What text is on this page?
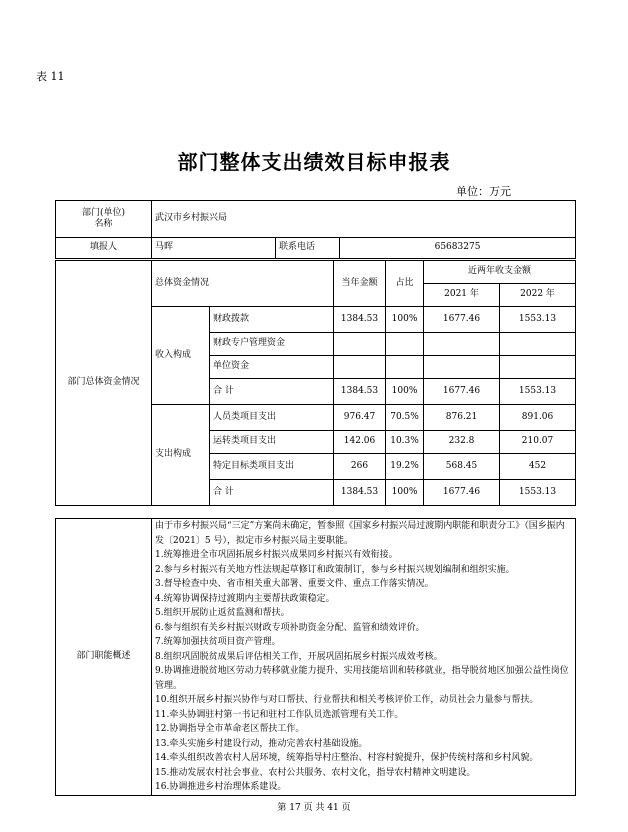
表 11
部门整体支出绩效目标申报表
单位：万元
部门(单位)
名称	武汉市乡村振兴局		
填报人	马晖	联系电话	65683275
部门总体资金情况	总体资金情况		当年金额	占比	近两年收支金额	
					2021 年	2022 年
	收入构成	财政拨款	1384.53	100%	1677.46	1553.13
		财政专户管理资金				
		单位资金				
		合 计	1384.53	100%	1677.46	1553.13
	支出构成	人员类项目支出	976.47	70.5%	876.21	891.06
		运转类项目支出	142.06	10.3%	232.8	210.07
		特定目标类项目支出	266	19.2%	568.45	452
		合 计	1384.53	100%	1677.46	1553.13
部门职能概述	
由于市乡村振兴局“三定”方案尚未确定，暂参照《国家乡村振兴局过渡期内职能和职责分工》（国乡振内发〔2021〕5 号），拟定市乡村振兴局主要职能。
1.统筹推进全市巩固拓展乡村振兴成果同乡村振兴有效衔接。
2.参与乡村振兴有关地方性法规起草修订和政策制订，参与乡村振兴规划编制和组织实施。
3.督导检查中央、省市相关重大部署、重要文件、重点工作落实情况。
4.统筹协调保持过渡期内主要帮扶政策稳定。
5.组织开展防止返贫监测和帮扶。
6.参与组织有关乡村振兴财政专项补助资金分配、监管和绩效评价。
7.统筹加强扶贫项目资产管理。
8.组织巩固脱贫成果后评估相关工作，开展巩固拓展乡村振兴成效考核。
9.协调推进脱贫地区劳动力转移就业能力提升、实用技能培训和转移就业，指导脱贫地区加强公益性岗位管理。
10.组织开展乡村振兴协作与对口帮扶、行业帮扶和相关考核评价工作，动员社会力量参与帮扶。
11.牵头协调驻村第一书记和驻村工作队员选派管理有关工作。
12.协调指导全市革命老区帮扶工作。
13.牵头实施乡村建设行动，推动完善农村基础设施。
14.牵头组织改善农村人居环境，统筹指导村庄整治、村容村貌提升，保护传统村落和乡村风貌。
15.推动发展农村社会事业、农村公共服务、农村文化，指导农村精神文明建设。
16.协调推进乡村治理体系建设。
第 17 页 共 41 页
